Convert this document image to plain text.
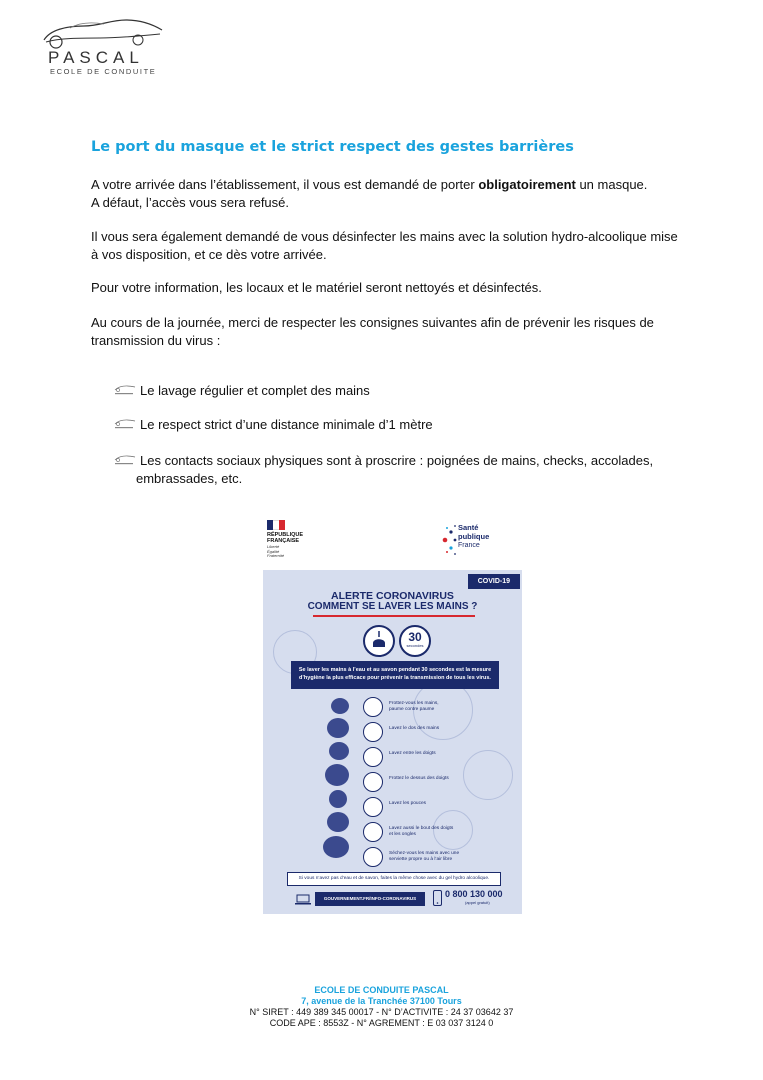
PASCAL
ECOLE DE CONDUITE
Le port du masque et le strict respect des gestes barrières
A votre arrivée dans l’établissement, il vous est demandé de porter obligatoirement un masque.
A défaut, l’accès vous sera refusé.
Il vous sera également demandé de vous désinfecter les mains avec la solution hydro-alcoolique mise
à vos disposition, et ce dès votre arrivée.
Pour votre information, les locaux et le matériel seront nettoyés et désinfectés.
Au cours de la journée, merci de respecter les consignes suivantes afin de prévenir les risques de
transmission du virus :
Le lavage régulier et complet des mains
Le respect strict d’une distance minimale d’1 mètre
Les contacts sociaux physiques sont à proscrire : poignées de mains, checks, accolades,
embrassades, etc.
RÉPUBLIQUE
FRANÇAISE
Liberté
Égalité
Fraternité
Santé
publique
France
COVID-19
ALERTE CORONAVIRUS
COMMENT SE LAVER LES MAINS ?
30
secondes
Se laver les mains à l’eau et au savon pendant 30 secondes est la mesure
d’hygiène la plus efficace pour prévenir la transmission de tous les virus.
Frottez-vous les mains,
paume contre paume
Lavez le dos des mains

Lavez entre les doigts

Frottez le dessus des doigts

Lavez les pouces

Lavez aussi le bout des doigts
et les ongles
Séchez-vous les mains avec une
serviette propre ou à l’air libre
Si vous n’avez pas d’eau et de savon, faites la même chose avec du gel hydro alcoolique.
GOUVERNEMENT.FR/INFO-CORONAVIRUS	0 800 130 000
(appel gratuit)
ECOLE DE CONDUITE PASCAL
7, avenue de la Tranchée 37100 Tours
N° SIRET : 449 389 345 00017 - N° D’ACTIVITE : 24 37 03642 37
CODE APE : 8553Z - N° AGREMENT : E 03 037 3124 0
